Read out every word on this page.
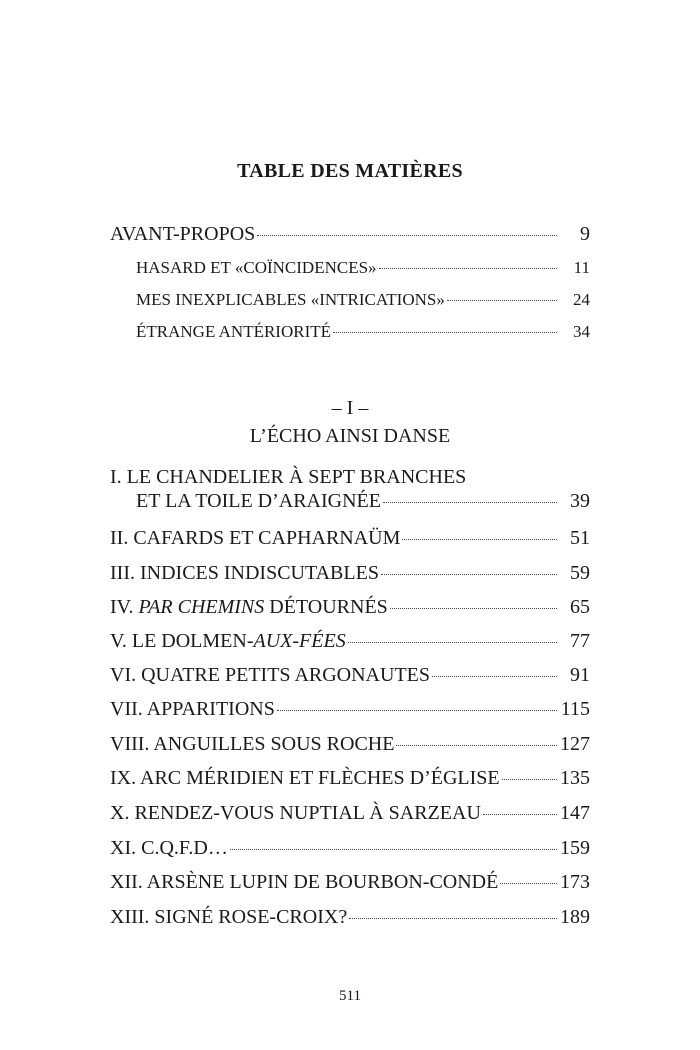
TABLE DES MATIÈRES
AVANT-PROPOS	9
HASARD ET «COÏNCIDENCES»	11
MES INEXPLICABLES «INTRICATIONS»	24
ÉTRANGE ANTÉRIORITÉ	34
– I –
L’ÉCHO AINSI DANSE
I. LE CHANDELIER À SEPT BRANCHES
ET LA TOILE D’ARAIGNÉE	39
II. CAFARDS ET CAPHARNAÜM	51
III. INDICES INDISCUTABLES	59
IV. PAR CHEMINS DÉTOURNÉS	65
V. LE DOLMEN-AUX-FÉES	77
VI. QUATRE PETITS ARGONAUTES	91
VII. APPARITIONS	115
VIII. ANGUILLES SOUS ROCHE	127
IX. ARC MÉRIDIEN ET FLÈCHES D’ÉGLISE	135
X. RENDEZ-VOUS NUPTIAL À SARZEAU	147
XI. C.Q.F.D…	159
XII. ARSÈNE LUPIN DE BOURBON-CONDÉ	173
XIII. SIGNÉ ROSE-CROIX?	189
511
